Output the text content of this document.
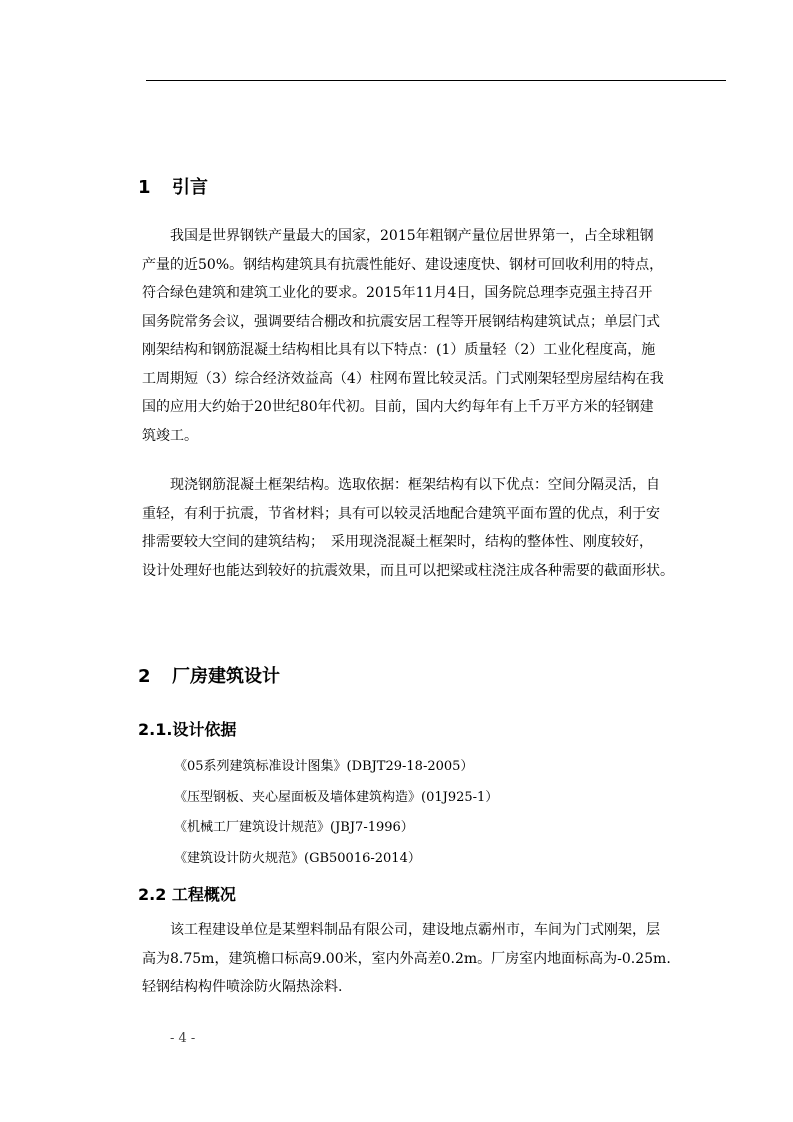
1 引言
　　我国是世界钢铁产量最大的国家，2015年粗钢产量位居世界第一，占全球粗钢
产量的近50%。钢结构建筑具有抗震性能好、建设速度快、钢材可回收利用的特点，
符合绿色建筑和建筑工业化的要求。2015年11月4日，国务院总理李克强主持召开
国务院常务会议，强调要结合棚改和抗震安居工程等开展钢结构建筑试点；单层门式
刚架结构和钢筋混凝土结构相比具有以下特点：(1）质量轻（2）工业化程度高，施
工周期短（3）综合经济效益高（4）柱网布置比较灵活。门式刚架轻型房屋结构在我
国的应用大约始于20世纪80年代初。目前，国内大约每年有上千万平方米的轻钢建
筑竣工。
　　现浇钢筋混凝土框架结构。选取依据：框架结构有以下优点：空间分隔灵活，自
重轻，有利于抗震，节省材料；具有可以较灵活地配合建筑平面布置的优点，利于安
排需要较大空间的建筑结构；　采用现浇混凝土框架时，结构的整体性、刚度较好，
设计处理好也能达到较好的抗震效果，而且可以把梁或柱浇注成各种需要的截面形状。
2 厂房建筑设计
2.1.设计依据
《05系列建筑标准设计图集》(DBJT29-18-2005）
《压型钢板、夹心屋面板及墙体建筑构造》(01J925-1）
《机械工厂建筑设计规范》(JBJ7-1996）
《建筑设计防火规范》(GB50016-2014）
2.2 工程概况
　　该工程建设单位是某塑料制品有限公司，建设地点霸州市，车间为门式刚架，层
高为8.75m，建筑檐口标高9.00米，室内外高差0.2m。厂房室内地面标高为-0.25m.
轻钢结构构件喷涂防火隔热涂料.
- 4 -
